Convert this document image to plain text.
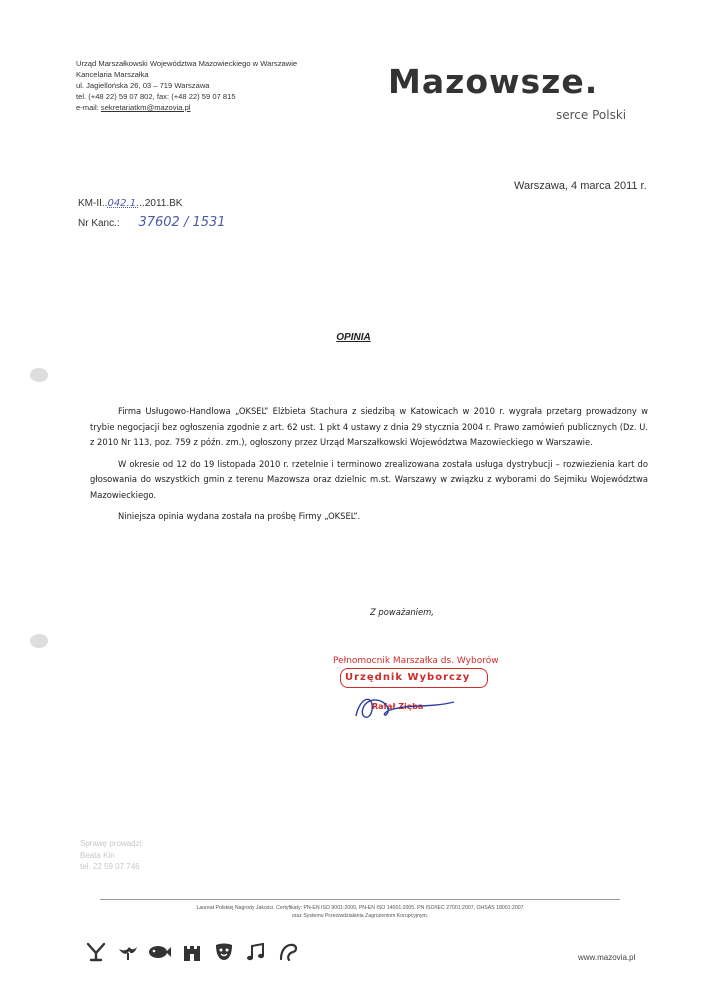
Urząd Marszałkowski Województwa Mazowieckiego w Warszawie
Kancelaria Marszałka
ul. Jagiellońska 26, 03 – 719 Warszawa
tel. (+48 22) 59 07 802, fax: (+48 22) 59 07 815
e-mail: sekretariatkm@mazovia.pl
Mazowsze.
serce Polski
Warszawa, 4 marca 2011 r.
KM-II..042.1...2011.BK
Nr Kanc.: 37602 / 1531
OPINIA

Firma Usługowo-Handlowa „OKSEL” Elżbieta Stachura z siedzibą w Katowicach w 2010 r. wygrała przetarg prowadzony w trybie negocjacji bez ogłoszenia zgodnie z art. 62 ust. 1 pkt 4 ustawy z dnia 29 stycznia 2004 r. Prawo zamówień publicznych (Dz. U. z 2010 Nr 113, poz. 759 z późn. zm.), ogłoszony przez Urząd Marszałkowski Województwa Mazowieckiego w Warszawie.

W okresie od 12 do 19 listopada 2010 r. rzetelnie i terminowo zrealizowana została usługa dystrybucji – rozwiezienia kart do głosowania do wszystkich gmin z terenu Mazowsza oraz dzielnic m.st. Warszawy w związku z wyborami do Sejmiku Województwa Mazowieckiego.

Niniejsza opinia wydana została na prośbę Firmy „OKSEL”.

Z poważaniem,
Pełnomocnik Marszałka ds. Wyborów
Urzędnik Wyborczy
Rafał Zięba
Sprawę prowadzi:
Beata Kin
tel. 22 59 07 746
Laureat Polskiej Nagrody Jakości. Certyfikaty: PN-EN ISO 9001:2009, PN-EN ISO 14001:2005, PN ISO/IEC 27001:2007, OHSAS 18001:2007
oraz Systemu Przeciwdziałania Zagrożeniom Korupcyjnym.
www.mazovia.pl
